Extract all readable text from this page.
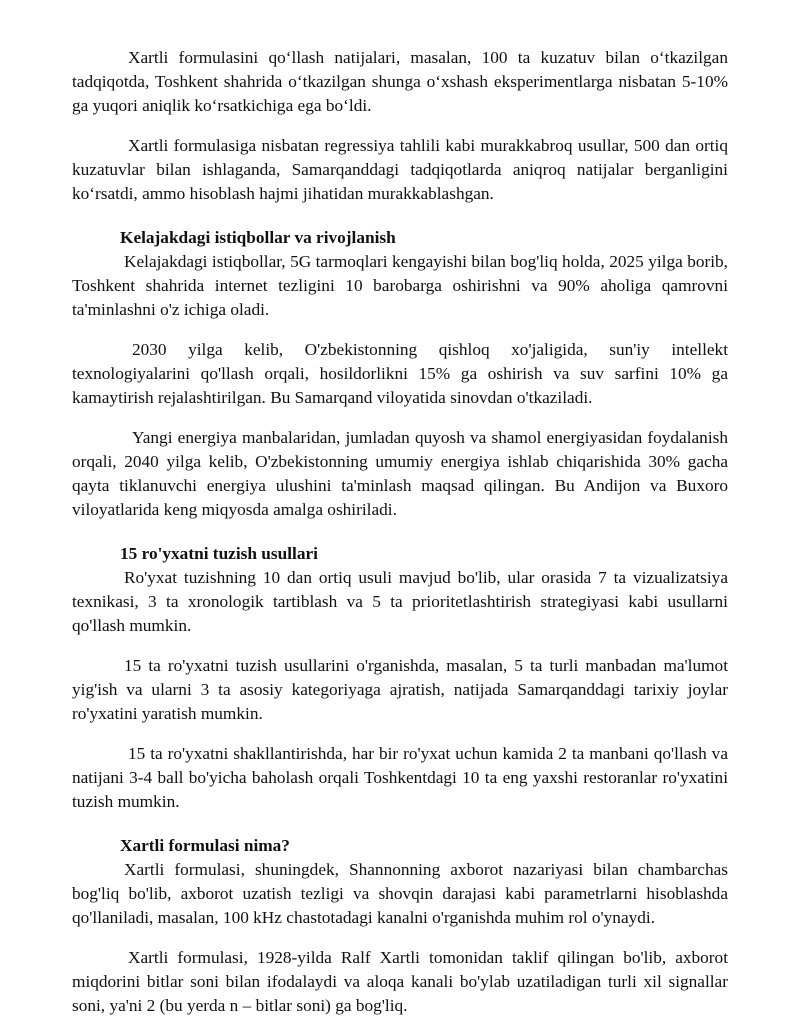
Xartli formulasini qo‘llash natijalari, masalan, 100 ta kuzatuv bilan o‘tkazilgan tadqiqotda, Toshkent shahrida o‘tkazilgan shunga o‘xshash eksperimentlarga nisbatan 5-10% ga yuqori aniqlik ko‘rsatkichiga ega bo‘ldi.

Xartli formulasiga nisbatan regressiya tahlili kabi murakkabroq usullar, 500 dan ortiq kuzatuvlar bilan ishlaganda, Samarqanddagi tadqiqotlarda aniqroq natijalar berganligini ko‘rsatdi, ammo hisoblash hajmi jihatidan murakkablashgan.

Kelajakdagi istiqbollar va rivojlanish

Kelajakdagi istiqbollar, 5G tarmoqlari kengayishi bilan bog'liq holda, 2025 yilga borib, Toshkent shahrida internet tezligini 10 barobarga oshirishni va 90% aholiga qamrovni ta'minlashni o'z ichiga oladi.

2030 yilga kelib, O'zbekistonning qishloq xo'jaligida, sun'iy intellekt texnologiyalarini qo'llash orqali, hosildorlikni 15% ga oshirish va suv sarfini 10% ga kamaytirish rejalashtirilgan. Bu Samarqand viloyatida sinovdan o'tkaziladi.

Yangi energiya manbalaridan, jumladan quyosh va shamol energiyasidan foydalanish orqali, 2040 yilga kelib, O'zbekistonning umumiy energiya ishlab chiqarishida 30% gacha qayta tiklanuvchi energiya ulushini ta'minlash maqsad qilingan. Bu Andijon va Buxoro viloyatlarida keng miqyosda amalga oshiriladi.

15 ro'yxatni tuzish usullari

Ro'yxat tuzishning 10 dan ortiq usuli mavjud bo'lib, ular orasida 7 ta vizualizatsiya texnikasi, 3 ta xronologik tartiblash va 5 ta prioritetlashtirish strategiyasi kabi usullarni qo'llash mumkin.

15 ta ro'yxatni tuzish usullarini o'rganishda, masalan, 5 ta turli manbadan ma'lumot yig'ish va ularni 3 ta asosiy kategoriyaga ajratish, natijada Samarqanddagi tarixiy joylar ro'yxatini yaratish mumkin.

15 ta ro'yxatni shakllantirishda, har bir ro'yxat uchun kamida 2 ta manbani qo'llash va natijani 3-4 ball bo'yicha baholash orqali Toshkentdagi 10 ta eng yaxshi restoranlar ro'yxatini tuzish mumkin.

Xartli formulasi nima?

Xartli formulasi, shuningdek, Shannonning axborot nazariyasi bilan chambarchas bog'liq bo'lib, axborot uzatish tezligi va shovqin darajasi kabi parametrlarni hisoblashda qo'llaniladi, masalan, 100 kHz chastotadagi kanalni o'rganishda muhim rol o'ynaydi.

Xartli formulasi, 1928-yilda Ralf Xartli tomonidan taklif qilingan bo'lib, axborot miqdorini bitlar soni bilan ifodalaydi va aloqa kanali bo'ylab uzatiladigan turli xil signallar soni, ya'ni 2 (bu yerda n – bitlar soni) ga bog'liq.
